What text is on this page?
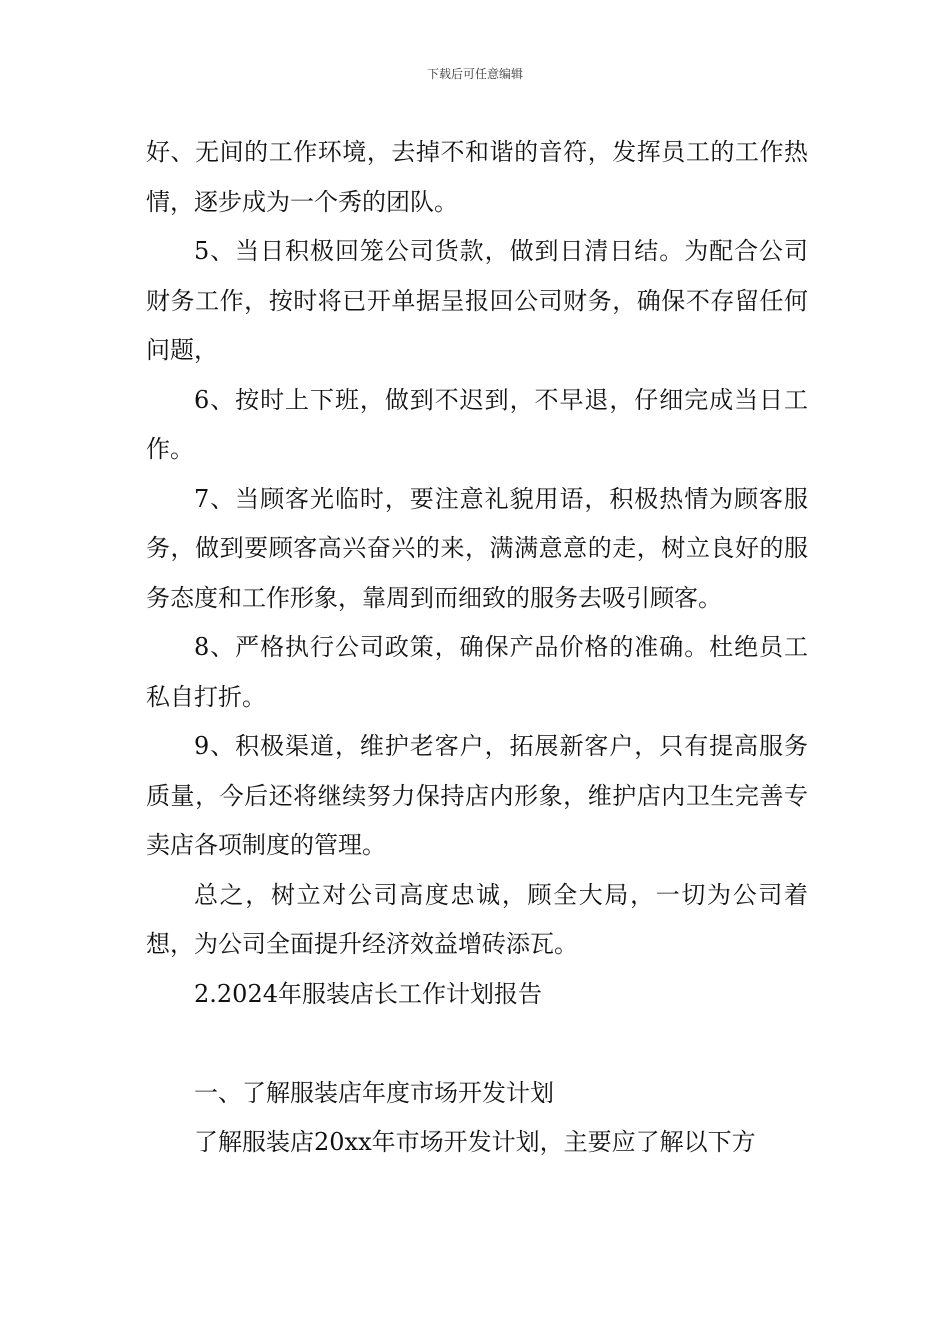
下载后可任意编辑

好、无间的工作环境，去掉不和谐的音符，发挥员工的工作热情，逐步成为一个秀的团队。

5、当日积极回笼公司货款，做到日清日结。为配合公司财务工作，按时将已开单据呈报回公司财务，确保不存留任何问题，

6、按时上下班，做到不迟到，不早退，仔细完成当日工作。

7、当顾客光临时，要注意礼貌用语，积极热情为顾客服务，做到要顾客高兴奋兴的来，满满意意的走，树立良好的服务态度和工作形象，靠周到而细致的服务去吸引顾客。

8、严格执行公司政策，确保产品价格的准确。杜绝员工私自打折。

9、积极渠道，维护老客户，拓展新客户，只有提高服务质量，今后还将继续努力保持店内形象，维护店内卫生完善专卖店各项制度的管理。

总之，树立对公司高度忠诚，顾全大局，一切为公司着想，为公司全面提升经济效益增砖添瓦。

2.2024年服装店长工作计划报告

一、了解服装店年度市场开发计划

了解服装店20xx年市场开发计划，主要应了解以下方
